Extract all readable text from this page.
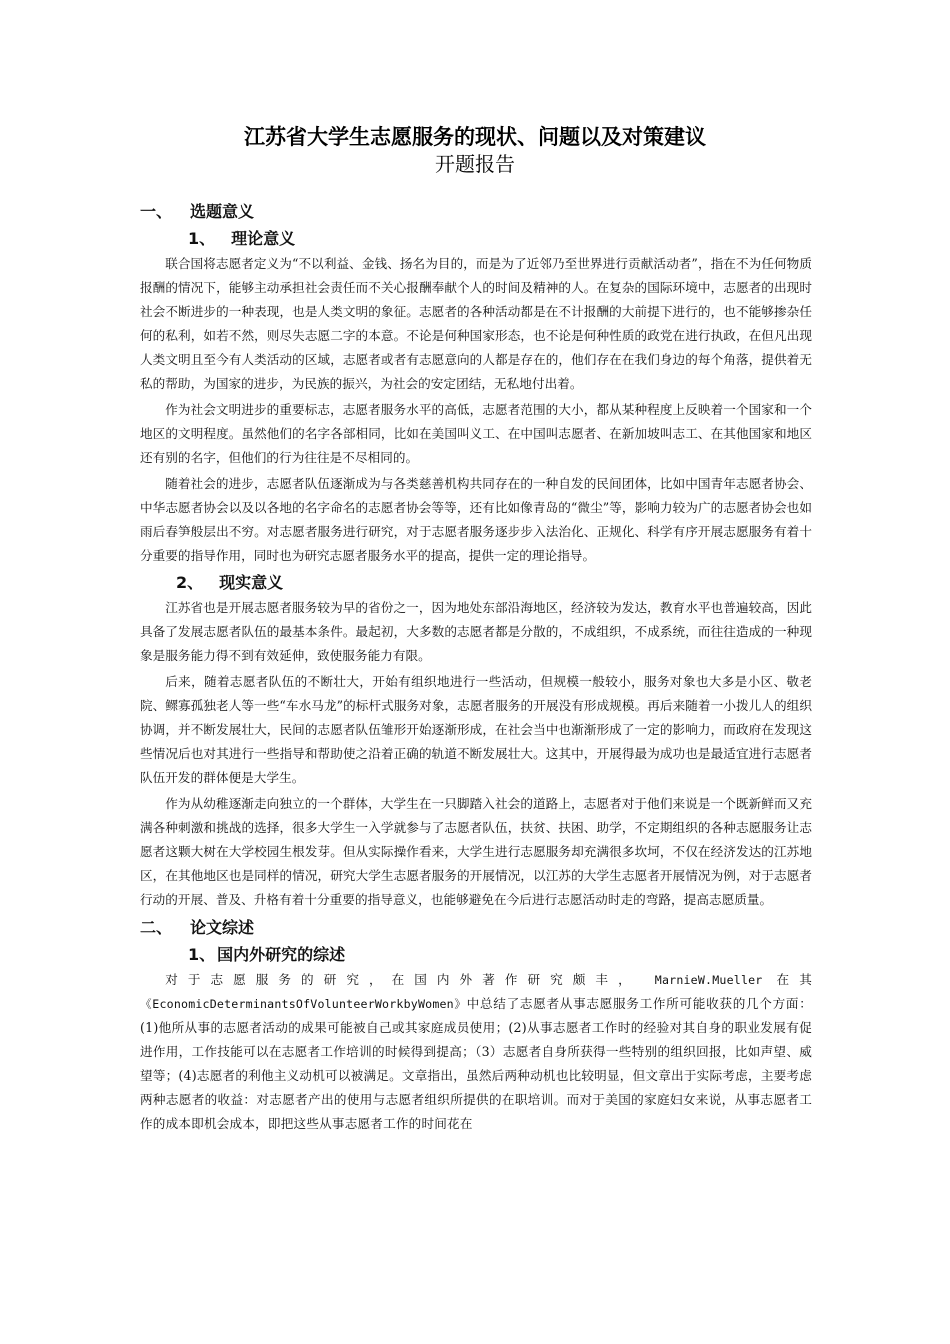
江苏省大学生志愿服务的现状、问题以及对策建议

开题报告

一、 选题意义
1、 理论意义

联合国将志愿者定义为“不以利益、金钱、扬名为目的，而是为了近邻乃至世界进行贡献活动者”，指在不为任何物质报酬的情况下，能够主动承担社会责任而不关心报酬奉献个人的时间及精神的人。在复杂的国际环境中，志愿者的出现时社会不断进步的一种表现，也是人类文明的象征。志愿者的各种活动都是在不计报酬的大前提下进行的，也不能够掺杂任何的私利，如若不然，则尽失志愿二字的本意。不论是何种国家形态，也不论是何种性质的政党在进行执政，在但凡出现人类文明且至今有人类活动的区域，志愿者或者有志愿意向的人都是存在的，他们存在在我们身边的每个角落，提供着无私的帮助，为国家的进步，为民族的振兴，为社会的安定团结，无私地付出着。

作为社会文明进步的重要标志，志愿者服务水平的高低，志愿者范围的大小，都从某种程度上反映着一个国家和一个地区的文明程度。虽然他们的名字各部相同，比如在美国叫义工、在中国叫志愿者、在新加坡叫志工、在其他国家和地区还有别的名字，但他们的行为往往是不尽相同的。

随着社会的进步，志愿者队伍逐渐成为与各类慈善机构共同存在的一种自发的民间团体，比如中国青年志愿者协会、中华志愿者协会以及以各地的名字命名的志愿者协会等等，还有比如像青岛的“微尘”等，影响力较为广的志愿者协会也如雨后春笋般层出不穷。对志愿者服务进行研究，对于志愿者服务逐步步入法治化、正规化、科学有序开展志愿服务有着十分重要的指导作用，同时也为研究志愿者服务水平的提高，提供一定的理论指导。

2、 现实意义

江苏省也是开展志愿者服务较为早的省份之一，因为地处东部沿海地区，经济较为发达，教育水平也普遍较高，因此具备了发展志愿者队伍的最基本条件。最起初，大多数的志愿者都是分散的，不成组织，不成系统，而往往造成的一种现象是服务能力得不到有效延伸，致使服务能力有限。

后来，随着志愿者队伍的不断壮大，开始有组织地进行一些活动，但规模一般较小，服务对象也大多是小区、敬老院、鳏寡孤独老人等一些“车水马龙”的标杆式服务对象，志愿者服务的开展没有形成规模。再后来随着一小拨儿人的组织协调，并不断发展壮大，民间的志愿者队伍雏形开始逐渐形成，在社会当中也渐渐形成了一定的影响力，而政府在发现这些情况后也对其进行一些指导和帮助使之沿着正确的轨道不断发展壮大。这其中，开展得最为成功也是最适宜进行志愿者队伍开发的群体便是大学生。

作为从幼稚逐渐走向独立的一个群体，大学生在一只脚踏入社会的道路上，志愿者对于他们来说是一个既新鲜而又充满各种刺激和挑战的选择，很多大学生一入学就参与了志愿者队伍，扶贫、扶困、助学，不定期组织的各种志愿服务让志愿者这颗大树在大学校园生根发芽。但从实际操作看来，大学生进行志愿服务却充满很多坎坷，不仅在经济发达的江苏地区，在其他地区也是同样的情况，研究大学生志愿者服务的开展情况，以江苏的大学生志愿者开展情况为例，对于志愿者行动的开展、普及、升格有着十分重要的指导意义，也能够避免在今后进行志愿活动时走的弯路，提高志愿质量。

二、 论文综述
1、 国内外研究的综述

对于志愿服务的研究，在国内外著作研究颇丰， MarnieW.Mueller 在其 《EconomicDeterminantsOfVolunteerWorkbyWomen》中总结了志愿者从事志愿服务工作所可能收获的几个方面：(1)他所从事的志愿者活动的成果可能被自己或其家庭成员使用；(2)从事志愿者工作时的经验对其自身的职业发展有促进作用，工作技能可以在志愿者工作培训的时候得到提高；（3）志愿者自身所获得一些特别的组织回报，比如声望、威望等；(4)志愿者的利他主义动机可以被满足。文章指出，虽然后两种动机也比较明显，但文章出于实际考虑，主要考虑两种志愿者的收益：对志愿者产出的使用与志愿者组织所提供的在职培训。而对于美国的家庭妇女来说，从事志愿者工作的成本即机会成本，即把这些从事志愿者工作的时间花在
